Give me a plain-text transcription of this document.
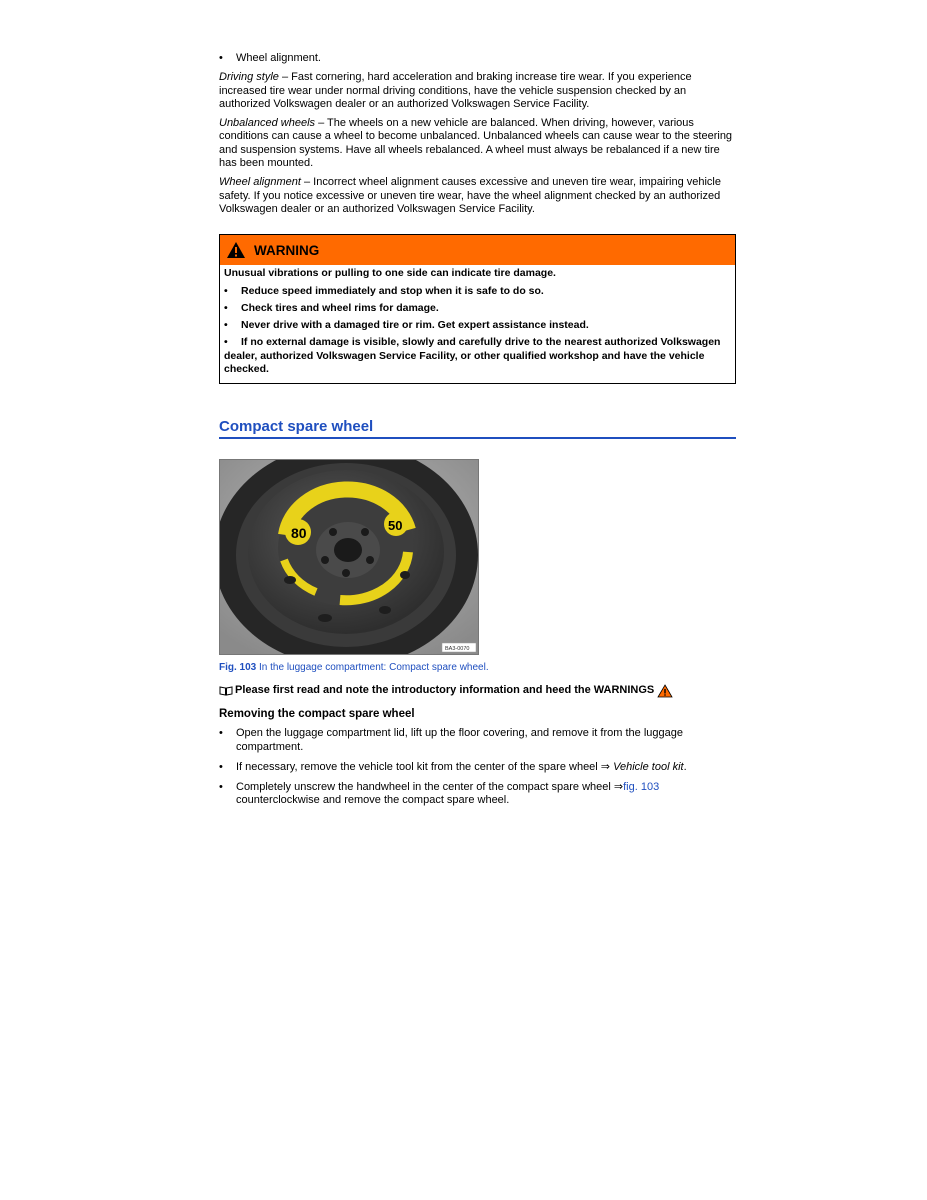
•	Wheel alignment.

Driving style – Fast cornering, hard acceleration and braking increase tire wear. If you experience increased tire wear under normal driving conditions, have the vehicle suspension checked by an authorized Volkswagen dealer or an authorized Volkswagen Service Facility.

Unbalanced wheels – The wheels on a new vehicle are balanced. When driving, however, various conditions can cause a wheel to become unbalanced. Unbalanced wheels can cause wear to the steering and suspension systems. Have all wheels rebalanced. A wheel must always be rebalanced if a new tire has been mounted.

Wheel alignment – Incorrect wheel alignment causes excessive and uneven tire wear, impairing vehicle safety. If you notice excessive or uneven tire wear, have the wheel alignment checked by an authorized Volkswagen dealer or an authorized Volkswagen Service Facility.

WARNING
Unusual vibrations or pulling to one side can indicate tire damage.
•	Reduce speed immediately and stop when it is safe to do so.
•	Check tires and wheel rims for damage.
•	Never drive with a damaged tire or rim. Get expert assistance instead.
• If no external damage is visible, slowly and carefully drive to the nearest authorized Volkswagen dealer, authorized Volkswagen Service Facility, or other qualified workshop and have the vehicle checked.
Compact spare wheel
80	50
BA3-0070
Fig. 103 In the luggage compartment: Compact spare wheel.
Please first read and note the introductory information and heed the WARNINGS
Removing the compact spare wheel
•	Open the luggage compartment lid, lift up the floor covering, and remove it from the luggage compartment.
•	If necessary, remove the vehicle tool kit from the center of the spare wheel ⇒ Vehicle tool kit.
•	Completely unscrew the handwheel in the center of the compact spare wheel ⇒fig. 103 counterclockwise and remove the compact spare wheel.
